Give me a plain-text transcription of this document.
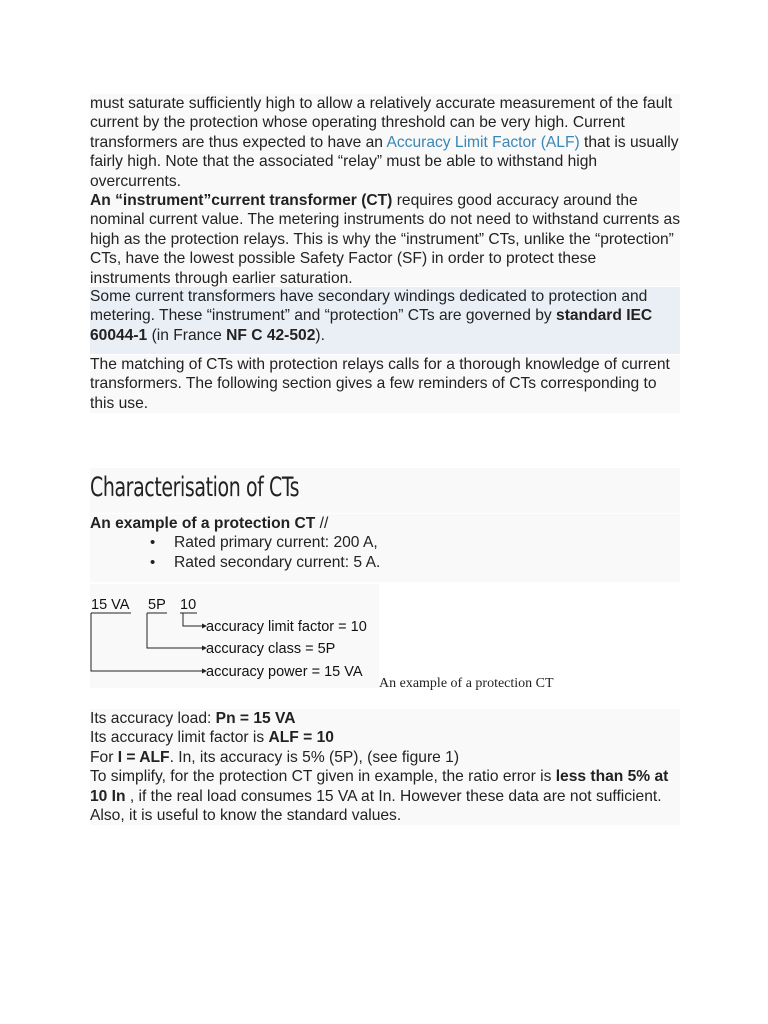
must saturate sufficiently high to allow a relatively accurate measurement of the fault current by the protection whose operating threshold can be very high. Current transformers are thus expected to have an Accuracy Limit Factor (ALF) that is usually fairly high. Note that the associated “relay” must be able to withstand high overcurrents.

An “instrument”current transformer (CT) requires good accuracy around the nominal current value. The metering instruments do not need to withstand currents as high as the protection relays. This is why the “instrument” CTs, unlike the “protection” CTs, have the lowest possible Safety Factor (SF) in order to protect these instruments through earlier saturation.

Some current transformers have secondary windings dedicated to protection and metering. These “instrument” and “protection” CTs are governed by standard IEC 60044-1 (in France NF C 42-502).

The matching of CTs with protection relays calls for a thorough knowledge of current transformers. The following section gives a few reminders of CTs corresponding to this use.

Characterisation of CTs

An example of a protection CT //

• Rated primary current: 200 A,
• Rated secondary current: 5 A.
15 VA 5P 10
accuracy limit factor = 10
accuracy class = 5P
accuracy power = 15 VA
An example of a protection CT

Its accuracy load: Pn = 15 VA

Its accuracy limit factor is ALF = 10

For I = ALF. In, its accuracy is 5% (5P), (see figure 1)

To simplify, for the protection CT given in example, the ratio error is less than 5% at 10 In , if the real load consumes 15 VA at In. However these data are not sufficient. Also, it is useful to know the standard values.
